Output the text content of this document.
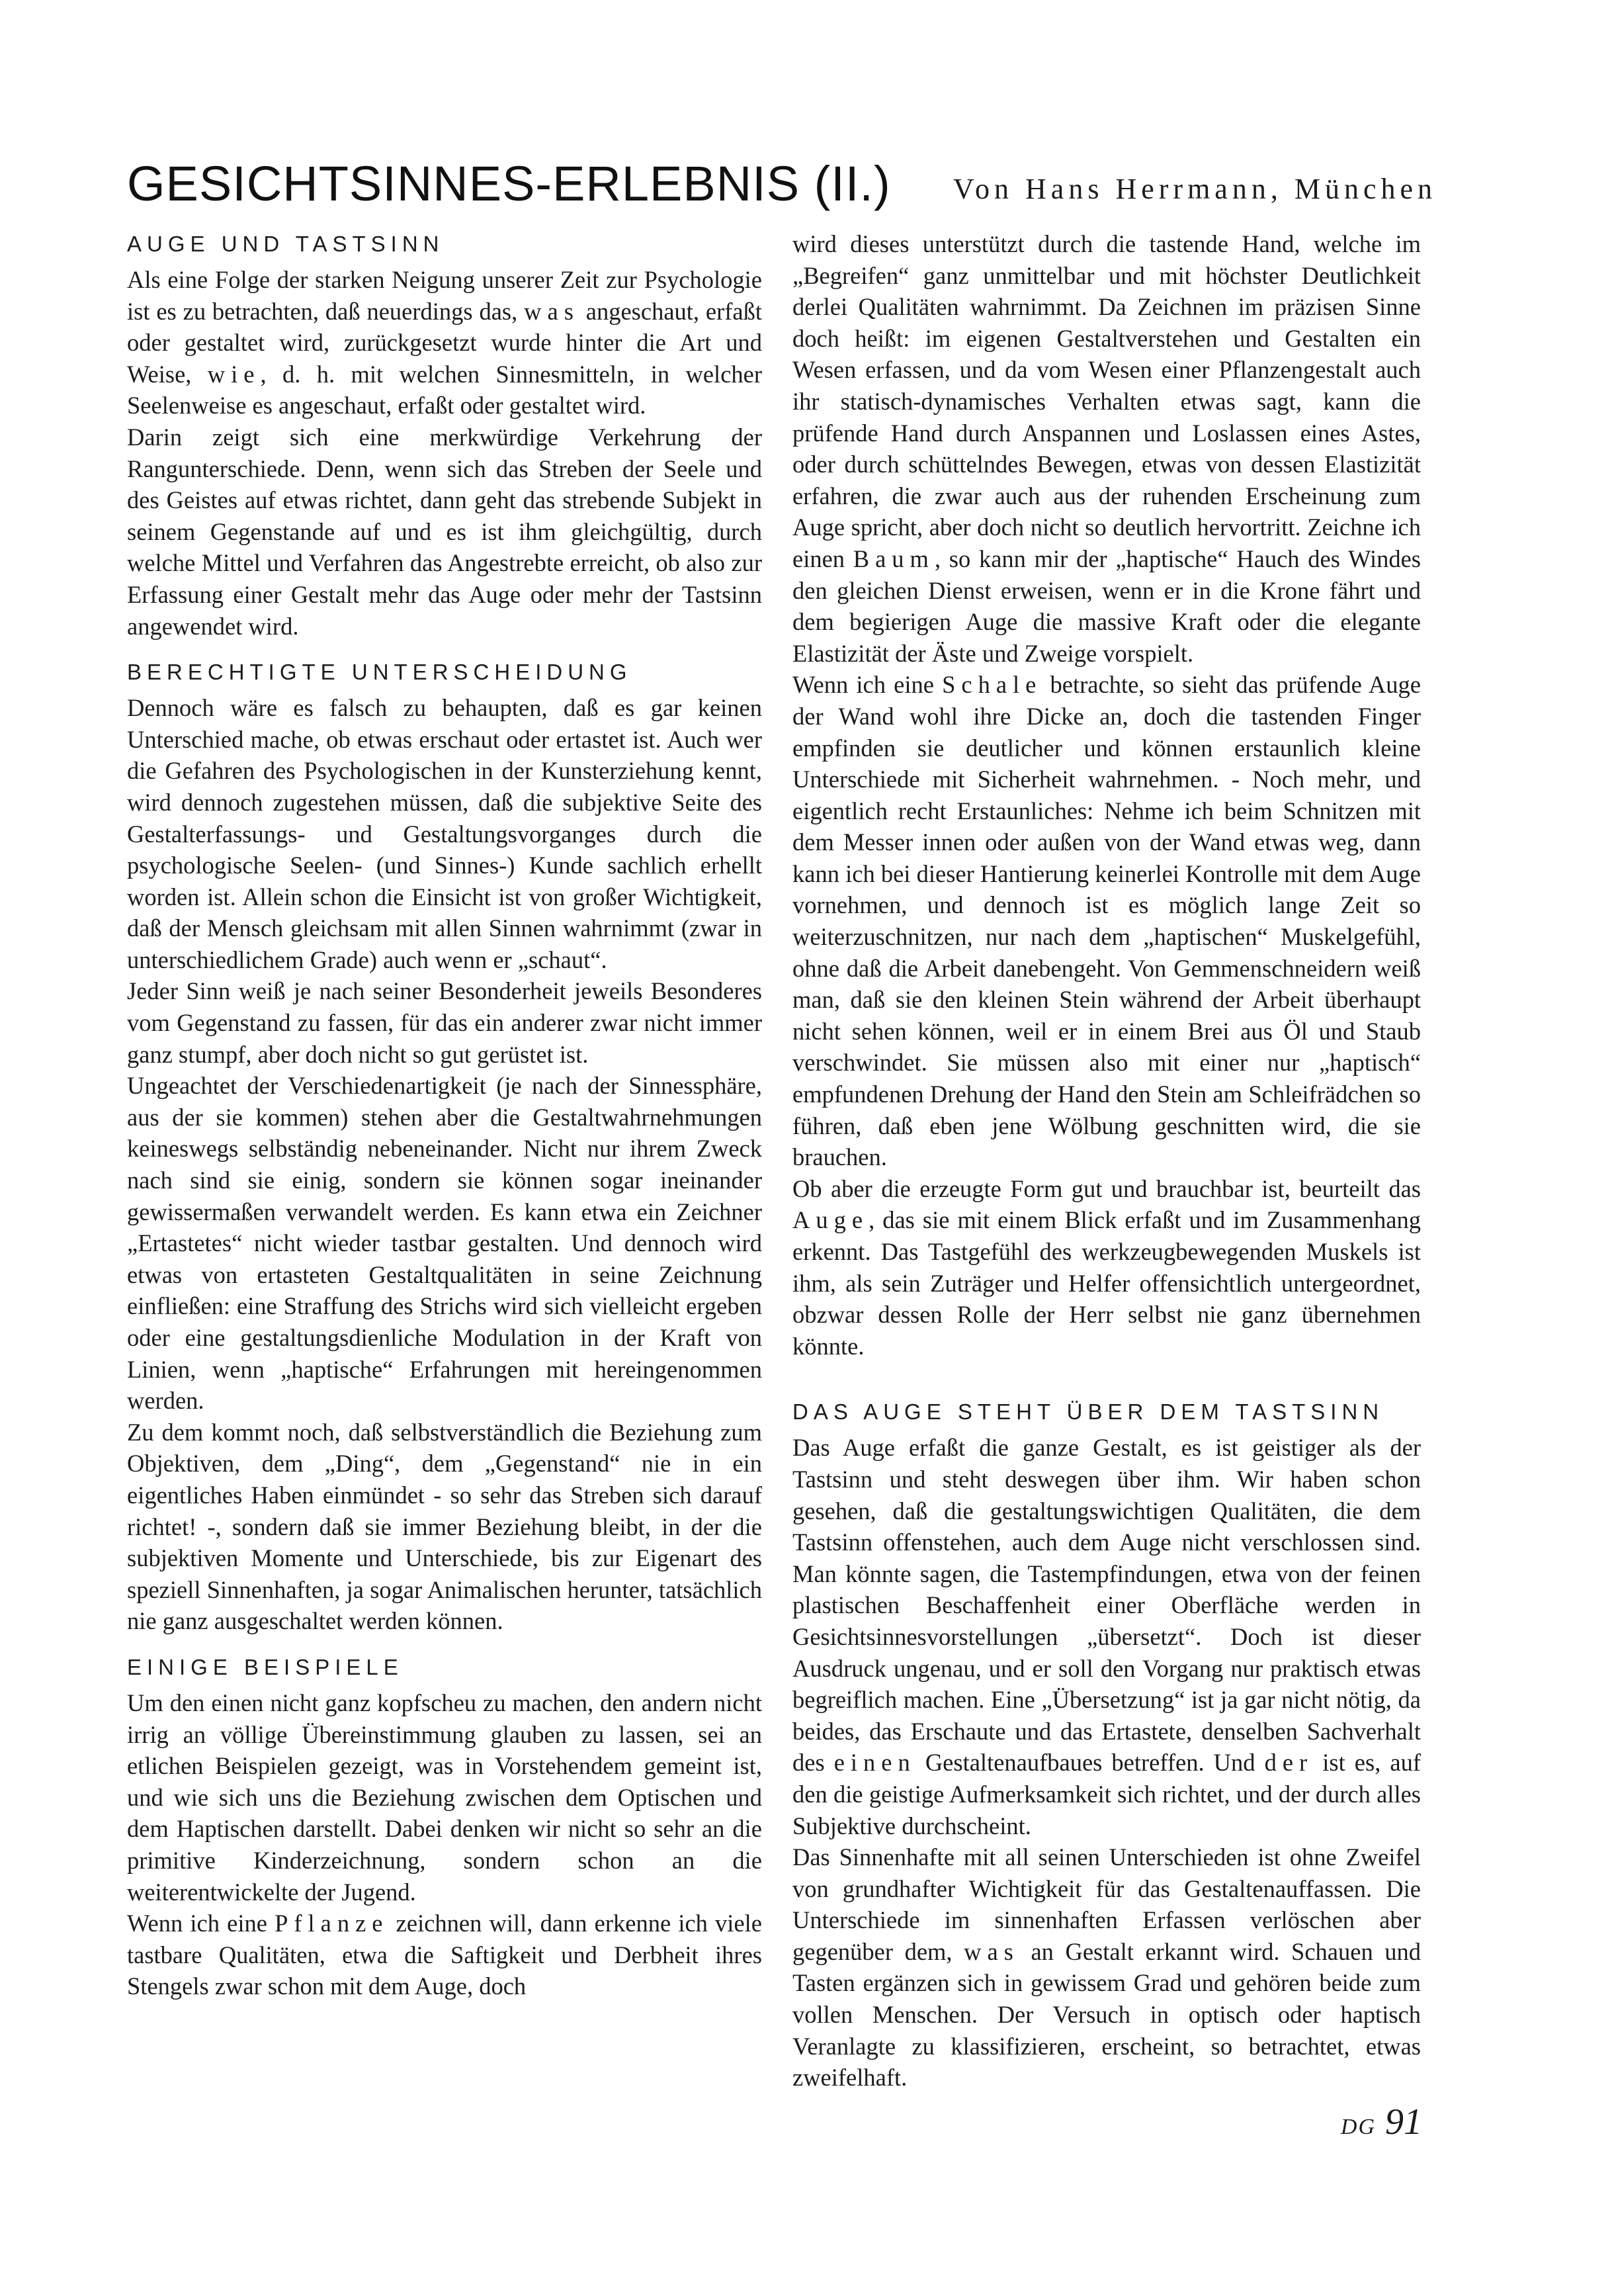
GESICHTSINNES-ERLEBNIS (II.) Von Hans Herrmann, München
AUGE UND TASTSINN

Als eine Folge der starken Neigung unserer Zeit zur Psychologie ist es zu betrachten, daß neuerdings das, was angeschaut, erfaßt oder gestaltet wird, zurückgesetzt wurde hinter die Art und Weise, wie, d. h. mit welchen Sinnesmitteln, in welcher Seelenweise es angeschaut, erfaßt oder gestaltet wird.

Darin zeigt sich eine merkwürdige Verkehrung der Rangunterschiede. Denn, wenn sich das Streben der Seele und des Geistes auf etwas richtet, dann geht das strebende Subjekt in seinem Gegenstande auf und es ist ihm gleichgültig, durch welche Mittel und Verfahren das Angestrebte erreicht, ob also zur Erfassung einer Gestalt mehr das Auge oder mehr der Tastsinn angewendet wird.

BERECHTIGTE UNTERSCHEIDUNG

Dennoch wäre es falsch zu behaupten, daß es gar keinen Unterschied mache, ob etwas erschaut oder ertastet ist. Auch wer die Gefahren des Psychologischen in der Kunsterziehung kennt, wird dennoch zugestehen müssen, daß die subjektive Seite des Gestalterfassungs- und Gestaltungsvorganges durch die psychologische Seelen- (und Sinnes-) Kunde sachlich erhellt worden ist. Allein schon die Einsicht ist von großer Wichtigkeit, daß der Mensch gleichsam mit allen Sinnen wahrnimmt (zwar in unterschiedlichem Grade) auch wenn er „schaut“.

Jeder Sinn weiß je nach seiner Besonderheit jeweils Besonderes vom Gegenstand zu fassen, für das ein anderer zwar nicht immer ganz stumpf, aber doch nicht so gut gerüstet ist.

Ungeachtet der Verschiedenartigkeit (je nach der Sinnessphäre, aus der sie kommen) stehen aber die Gestaltwahrnehmungen keineswegs selbständig nebeneinander. Nicht nur ihrem Zweck nach sind sie einig, sondern sie können sogar ineinander gewissermaßen verwandelt werden. Es kann etwa ein Zeichner „Ertastetes“ nicht wieder tastbar gestalten. Und dennoch wird etwas von ertasteten Gestaltqualitäten in seine Zeichnung einfließen: eine Straffung des Strichs wird sich vielleicht ergeben oder eine gestaltungsdienliche Modulation in der Kraft von Linien, wenn „haptische“ Erfahrungen mit hereingenommen werden.

Zu dem kommt noch, daß selbstverständlich die Beziehung zum Objektiven, dem „Ding“, dem „Gegenstand“ nie in ein eigentliches Haben einmündet - so sehr das Streben sich darauf richtet! -, sondern daß sie immer Beziehung bleibt, in der die subjektiven Momente und Unterschiede, bis zur Eigenart des speziell Sinnenhaften, ja sogar Animalischen herunter, tatsächlich nie ganz ausgeschaltet werden können.

EINIGE BEISPIELE

Um den einen nicht ganz kopfscheu zu machen, den andern nicht irrig an völlige Übereinstimmung glauben zu lassen, sei an etlichen Beispielen gezeigt, was in Vorstehendem gemeint ist, und wie sich uns die Beziehung zwischen dem Optischen und dem Haptischen darstellt. Dabei denken wir nicht so sehr an die primitive Kinderzeichnung, sondern schon an die weiterentwickelte der Jugend.

Wenn ich eine Pflanze zeichnen will, dann erkenne ich viele tastbare Qualitäten, etwa die Saftigkeit und Derbheit ihres Stengels zwar schon mit dem Auge, doch

wird dieses unterstützt durch die tastende Hand, welche im „Begreifen“ ganz unmittelbar und mit höchster Deutlichkeit derlei Qualitäten wahrnimmt. Da Zeichnen im präzisen Sinne doch heißt: im eigenen Gestaltverstehen und Gestalten ein Wesen erfassen, und da vom Wesen einer Pflanzengestalt auch ihr statisch-dynamisches Verhalten etwas sagt, kann die prüfende Hand durch Anspannen und Loslassen eines Astes, oder durch schüttelndes Bewegen, etwas von dessen Elastizität erfahren, die zwar auch aus der ruhenden Erscheinung zum Auge spricht, aber doch nicht so deutlich hervortritt. Zeichne ich einen Baum, so kann mir der „haptische“ Hauch des Windes den gleichen Dienst erweisen, wenn er in die Krone fährt und dem begierigen Auge die massive Kraft oder die elegante Elastizität der Äste und Zweige vorspielt.

Wenn ich eine Schale betrachte, so sieht das prüfende Auge der Wand wohl ihre Dicke an, doch die tastenden Finger empfinden sie deutlicher und können erstaunlich kleine Unterschiede mit Sicherheit wahrnehmen. - Noch mehr, und eigentlich recht Erstaunliches: Nehme ich beim Schnitzen mit dem Messer innen oder außen von der Wand etwas weg, dann kann ich bei dieser Hantierung keinerlei Kontrolle mit dem Auge vornehmen, und dennoch ist es möglich lange Zeit so weiterzuschnitzen, nur nach dem „haptischen“ Muskelgefühl, ohne daß die Arbeit danebengeht. Von Gemmenschneidern weiß man, daß sie den kleinen Stein während der Arbeit überhaupt nicht sehen können, weil er in einem Brei aus Öl und Staub verschwindet. Sie müssen also mit einer nur „haptisch“ empfundenen Drehung der Hand den Stein am Schleifrädchen so führen, daß eben jene Wölbung geschnitten wird, die sie brauchen.

Ob aber die erzeugte Form gut und brauchbar ist, beurteilt das Auge, das sie mit einem Blick erfaßt und im Zusammenhang erkennt. Das Tastgefühl des werkzeugbewegenden Muskels ist ihm, als sein Zuträger und Helfer offensichtlich untergeordnet, obzwar dessen Rolle der Herr selbst nie ganz übernehmen könnte.

DAS AUGE STEHT ÜBER DEM TASTSINN

Das Auge erfaßt die ganze Gestalt, es ist geistiger als der Tastsinn und steht deswegen über ihm. Wir haben schon gesehen, daß die gestaltungswichtigen Qualitäten, die dem Tastsinn offenstehen, auch dem Auge nicht verschlossen sind. Man könnte sagen, die Tastempfindungen, etwa von der feinen plastischen Beschaffenheit einer Oberfläche werden in Gesichtsinnesvorstellungen „übersetzt“. Doch ist dieser Ausdruck ungenau, und er soll den Vorgang nur praktisch etwas begreiflich machen. Eine „Übersetzung“ ist ja gar nicht nötig, da beides, das Erschaute und das Ertastete, denselben Sachverhalt des einen Gestaltenaufbaues betreffen. Und der ist es, auf den die geistige Aufmerksamkeit sich richtet, und der durch alles Subjektive durchscheint.

Das Sinnenhafte mit all seinen Unterschieden ist ohne Zweifel von grundhafter Wichtigkeit für das Gestaltenauffassen. Die Unterschiede im sinnenhaften Erfassen verlöschen aber gegenüber dem, was an Gestalt erkannt wird. Schauen und Tasten ergänzen sich in gewissem Grad und gehören beide zum vollen Menschen. Der Versuch in optisch oder haptisch Veranlagte zu klassifizieren, erscheint, so betrachtet, etwas zweifelhaft.

DG 91
